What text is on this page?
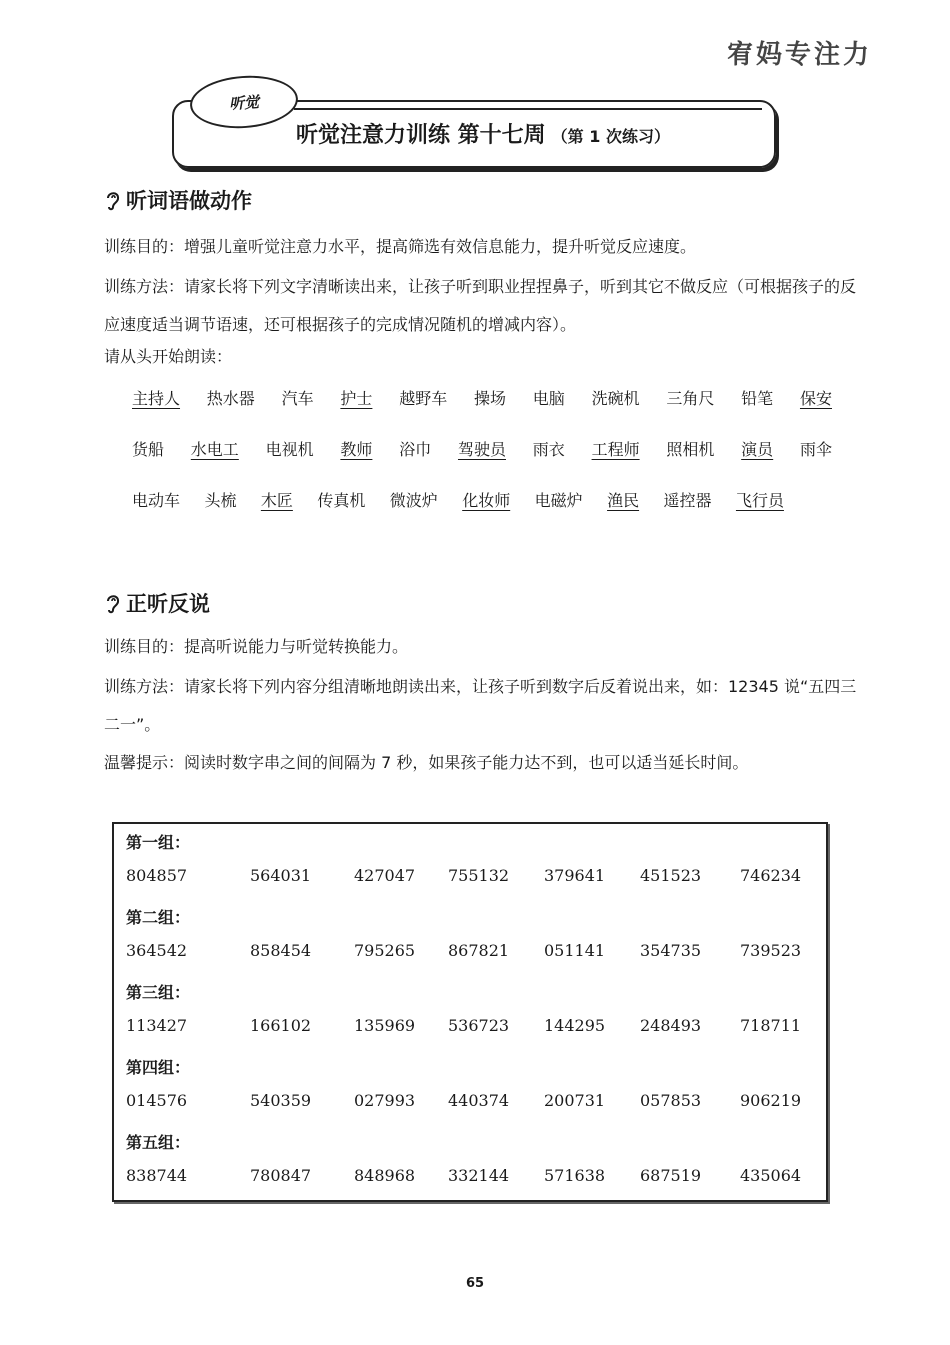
宥妈专注力
听觉
听觉注意力训练 第十七周 （第 1 次练习）
听词语做动作

训练目的：增强儿童听觉注意力水平，提高筛选有效信息能力，提升听觉反应速度。

训练方法：请家长将下列文字清晰读出来，让孩子听到职业捏捏鼻子，听到其它不做反应（可根据孩子的反应速度适当调节语速，还可根据孩子的完成情况随机的增减内容）。

请从头开始朗读：

主持人 热水器 汽车 护士 越野车 操场 电脑 洗碗机 三角尺 铅笔 保安
货船 水电工 电视机 教师 浴巾 驾驶员 雨衣 工程师 照相机 演员 雨伞
电动车 头梳 木匠 传真机 微波炉 化妆师 电磁炉 渔民 遥控器 飞行员
正听反说

训练目的：提高听说能力与听觉转换能力。

训练方法：请家长将下列内容分组清晰地朗读出来，让孩子听到数字后反着说出来，如：12345 说“五四三二一”。

温馨提示：阅读时数字串之间的间隔为 7 秒，如果孩子能力达不到，也可以适当延长时间。

第一组：
804857	564031	427047 755132 379641 451523 746234
第二组：
364542	858454	795265 867821 051141 354735 739523
第三组：
113427	166102	135969 536723 144295 248493 718711
第四组：
014576	540359	027993 440374 200731 057853 906219
第五组：
838744	780847	848968 332144 571638 687519 435064
65
